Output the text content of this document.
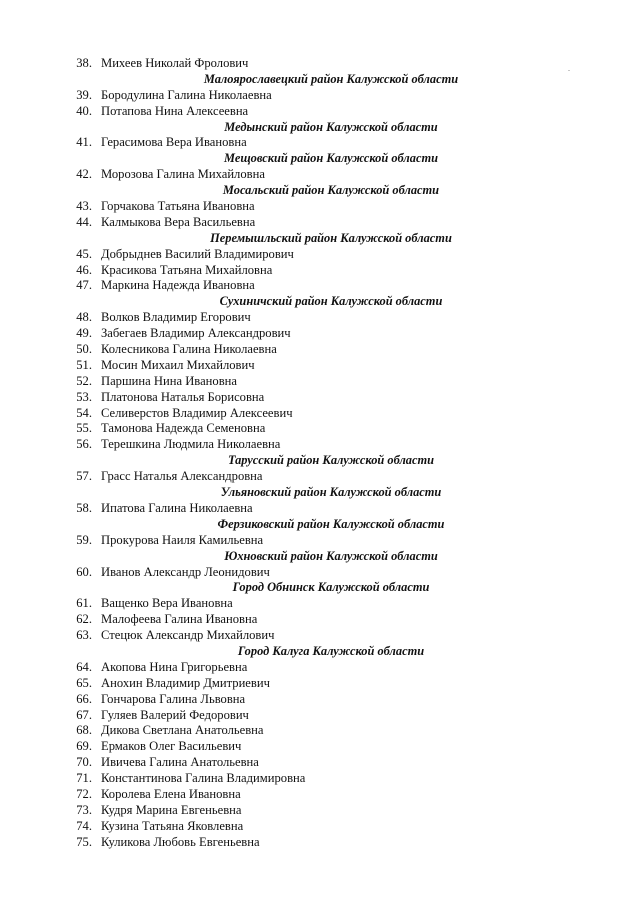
38. Михеев Николай Фролович
Малоярославецкий район Калужской области
39. Бородулина Галина Николаевна
40. Потапова Нина Алексеевна
Медынский район Калужской области
41. Герасимова Вера Ивановна
Мещовский район Калужской области
42. Морозова Галина Михайловна
Мосальский район Калужской области
43. Горчакова Татьяна Ивановна
44. Калмыкова Вера Васильевна
Перемышльский район Калужской области
45. Добрыднев Василий Владимирович
46. Красикова Татьяна Михайловна
47. Маркина Надежда Ивановна
Сухиничский район Калужской области
48. Волков Владимир Егорович
49. Забегаев Владимир Александрович
50. Колесникова Галина Николаевна
51. Мосин Михаил Михайлович
52. Паршина Нина Ивановна
53. Платонова Наталья Борисовна
54. Селиверстов Владимир Алексеевич
55. Тамонова Надежда Семеновна
56. Терешкина Людмила Николаевна
Тарусский район Калужской области
57. Грасс Наталья Александровна
Ульяновский район Калужской области
58. Ипатова Галина Николаевна
Ферзиковский район Калужской области
59. Прокурова Наиля Камильевна
Юхновский район Калужской области
60. Иванов Александр Леонидович
Город Обнинск Калужской области
61. Ващенко Вера Ивановна
62. Малофеева Галина Ивановна
63. Стецюк Александр Михайлович
Город Калуга Калужской области
64. Акопова Нина Григорьевна
65. Анохин Владимир Дмитриевич
66. Гончарова Галина Львовна
67. Гуляев Валерий Федорович
68. Дикова Светлана Анатольевна
69. Ермаков Олег Васильевич
70. Ивичева Галина Анатольевна
71. Константинова Галина Владимировна
72. Королева Елена Ивановна
73. Кудря Марина Евгеньевна
74. Кузина Татьяна Яковлевна
75. Куликова Любовь Евгеньевна
